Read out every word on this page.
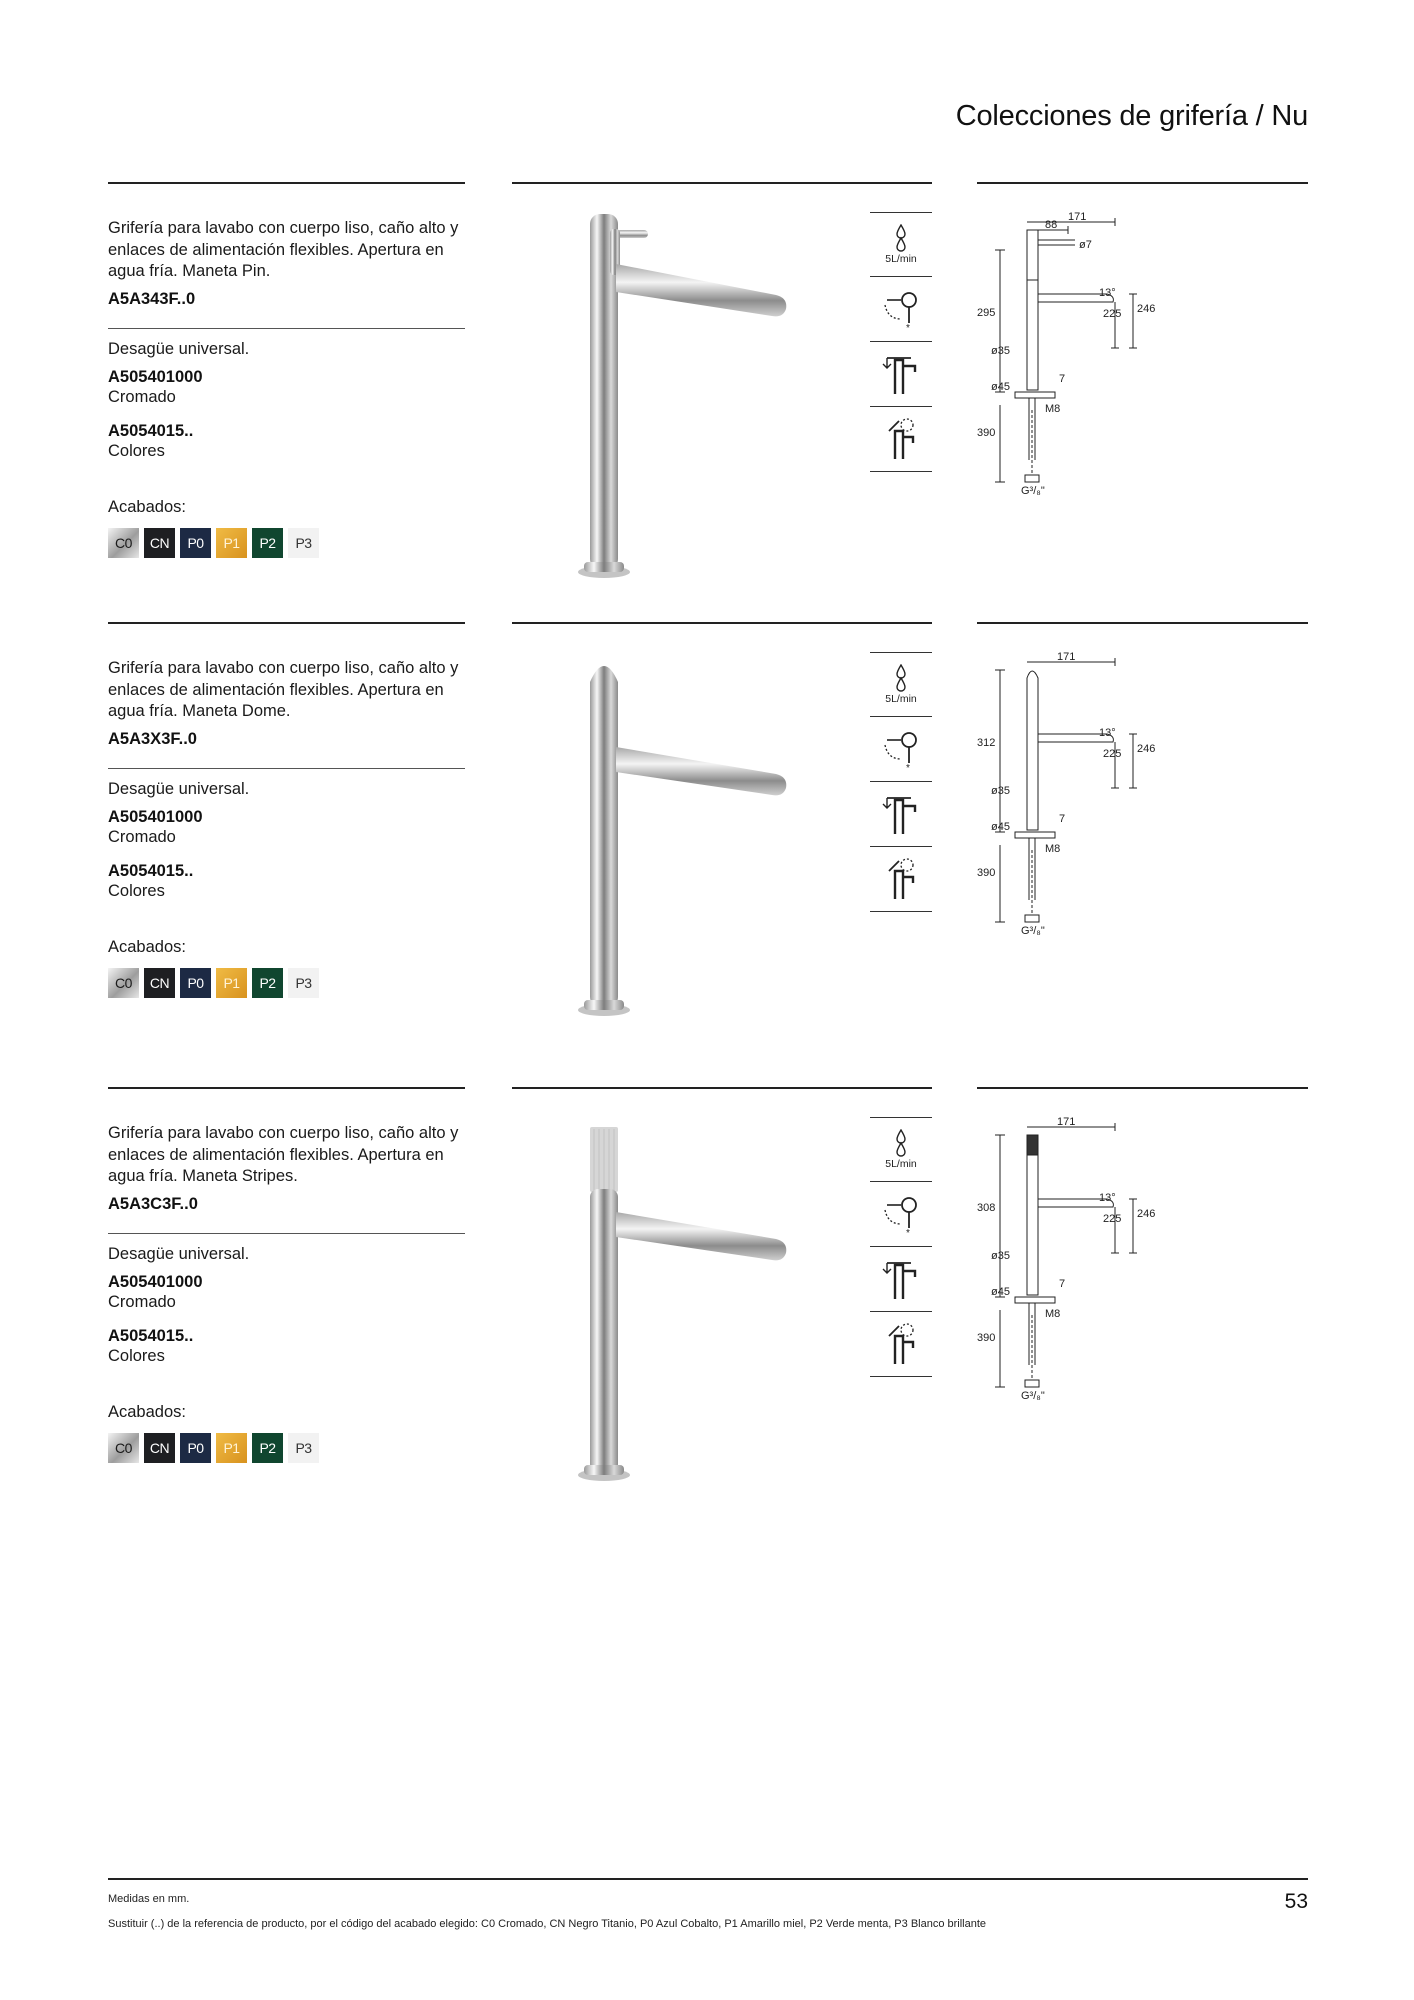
Colecciones de grifería / Nu

Grifería para lavabo con cuerpo liso, caño alto y enlaces de alimentación flexibles. Apertura en agua fría. Maneta Pin.

A5A343F..0

Desagüe universal.

A505401000

Cromado

A5054015..

Colores

Acabados:

C0	CN	P0	P1	P2	P3
5L/min
*
171
88
ø7
295	225 246
13°
ø35
ø45
7
M8
390
G³/₈"

Grifería para lavabo con cuerpo liso, caño alto y enlaces de alimentación flexibles. Apertura en agua fría. Maneta Dome.

A5A3X3F..0

Desagüe universal.

A505401000

Cromado

A5054015..

Colores

Acabados:

C0	CN	P0	P1	P2	P3
5L/min
*
171
312
225 246
13°
ø35
ø45
7
M8
390
G³/₈"

Grifería para lavabo con cuerpo liso, caño alto y enlaces de alimentación flexibles. Apertura en agua fría. Maneta Stripes.

A5A3C3F..0

Desagüe universal.

A505401000

Cromado

A5054015..

Colores

Acabados:

C0	CN	P0	P1	P2	P3
5L/min
*
171
308
225 246
13°
ø35
ø45
7
M8
390
G³/₈"

Medidas en mm.

Sustituir (..) de la referencia de producto, por el código del acabado elegido: C0 Cromado, CN Negro Titanio, P0 Azul Cobalto, P1 Amarillo miel, P2 Verde menta, P3 Blanco brillante

53
